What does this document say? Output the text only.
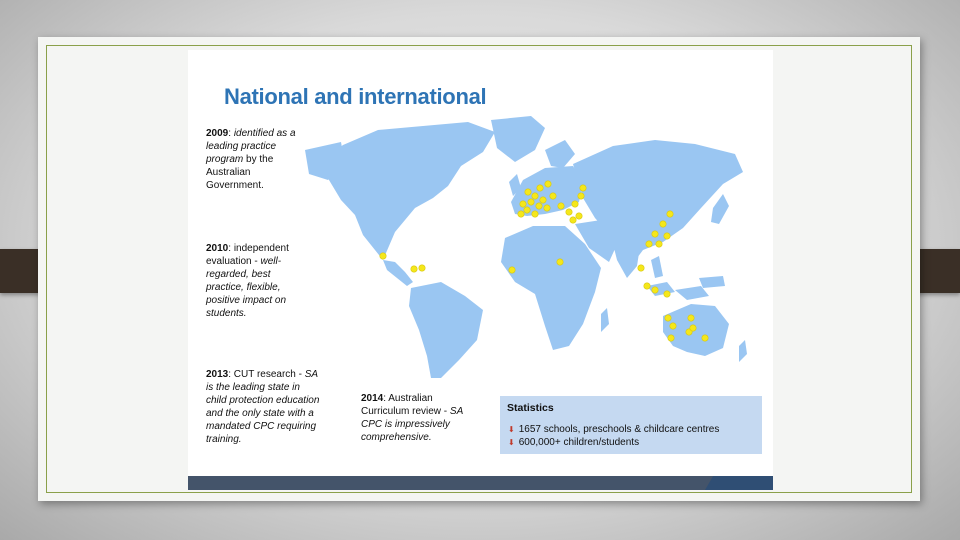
National and international
2009: identified as a leading practice program by the Australian Government.
2010: independent evaluation - well-regarded, best practice, flexible, positive impact on students.
2013: CUT research - SA is the leading state in child protection education and the only state with a mandated CPC requiring training.
2014: Australian Curriculum review - SA CPC is impressively comprehensive.
Statistics
⬇ 1657 schools, preschools & childcare centres
⬇ 600,000+ children/students
